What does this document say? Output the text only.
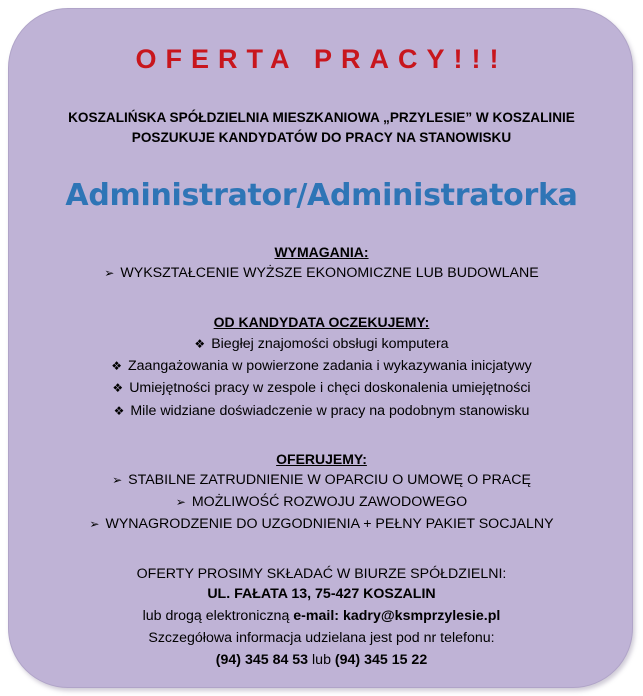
OFERTA PRACY!!!
KOSZALIŃSKA SPÓŁDZIELNIA MIESZKANIOWA „PRZYLESIE” W KOSZALINIE
POSZUKUJE KANDYDATÓW DO PRACY NA STANOWISKU
Administrator/Administratorka
WYMAGANIA:
➢ WYKSZTAŁCENIE WYŻSZE EKONOMICZNE LUB BUDOWLANE
OD KANDYDATA OCZEKUJEMY:
❖ Biegłej znajomości obsługi komputera
❖ Zaangażowania w powierzone zadania i wykazywania inicjatywy
❖ Umiejętności pracy w zespole i chęci doskonalenia umiejętności
❖ Mile widziane doświadczenie w pracy na podobnym stanowisku
OFERUJEMY:
➢ STABILNE ZATRUDNIENIE W OPARCIU O UMOWĘ O PRACĘ
➢ MOŻLIWOŚĆ ROZWOJU ZAWODOWEGO
➢ WYNAGRODZENIE DO UZGODNIENIA + PEŁNY PAKIET SOCJALNY
OFERTY PROSIMY SKŁADAĆ W BIURZE SPÓŁDZIELNI:
UL. FAŁATA 13, 75-427 KOSZALIN
lub drogą elektroniczną e-mail: kadry@ksmprzylesie.pl
Szczegółowa informacja udzielana jest pod nr telefonu:
(94) 345 84 53 lub (94) 345 15 22
